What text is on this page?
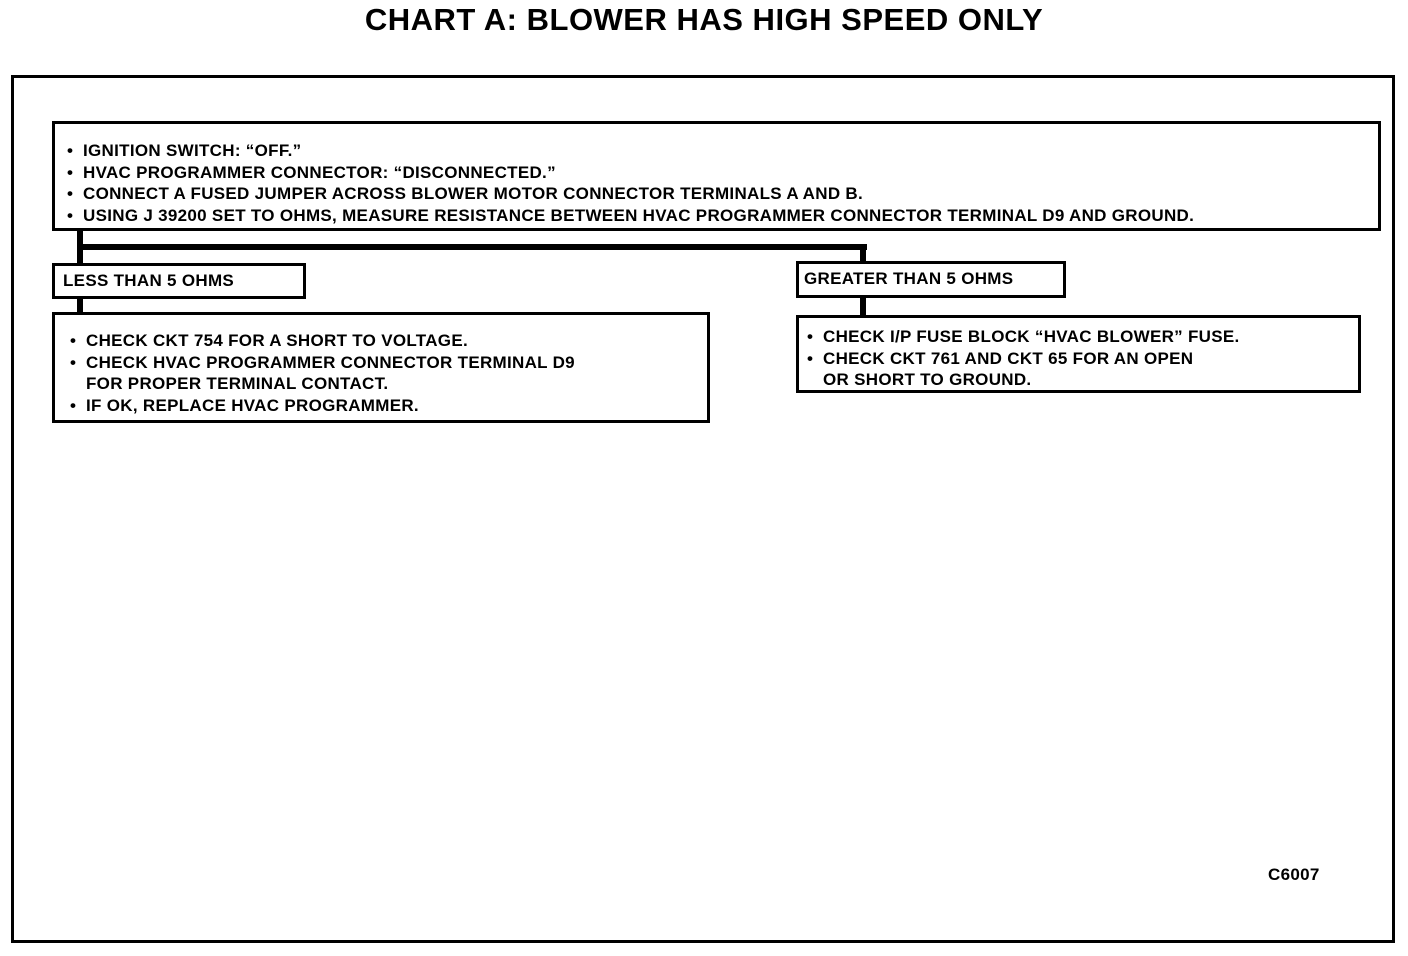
CHART A: BLOWER HAS HIGH SPEED ONLY
• IGNITION SWITCH: “OFF.”
• HVAC PROGRAMMER CONNECTOR: “DISCONNECTED.”
• CONNECT A FUSED JUMPER ACROSS BLOWER MOTOR CONNECTOR TERMINALS A AND B.
• USING J 39200 SET TO OHMS, MEASURE RESISTANCE BETWEEN HVAC PROGRAMMER CONNECTOR TERMINAL D9 AND GROUND.
LESS THAN 5 OHMS
• CHECK CKT 754 FOR A SHORT TO VOLTAGE.
• CHECK HVAC PROGRAMMER CONNECTOR TERMINAL D9
FOR PROPER TERMINAL CONTACT.
• IF OK, REPLACE HVAC PROGRAMMER.
GREATER THAN 5 OHMS
• CHECK I/P FUSE BLOCK “HVAC BLOWER” FUSE.
• CHECK CKT 761 AND CKT 65 FOR AN OPEN
OR SHORT TO GROUND.
C6007
